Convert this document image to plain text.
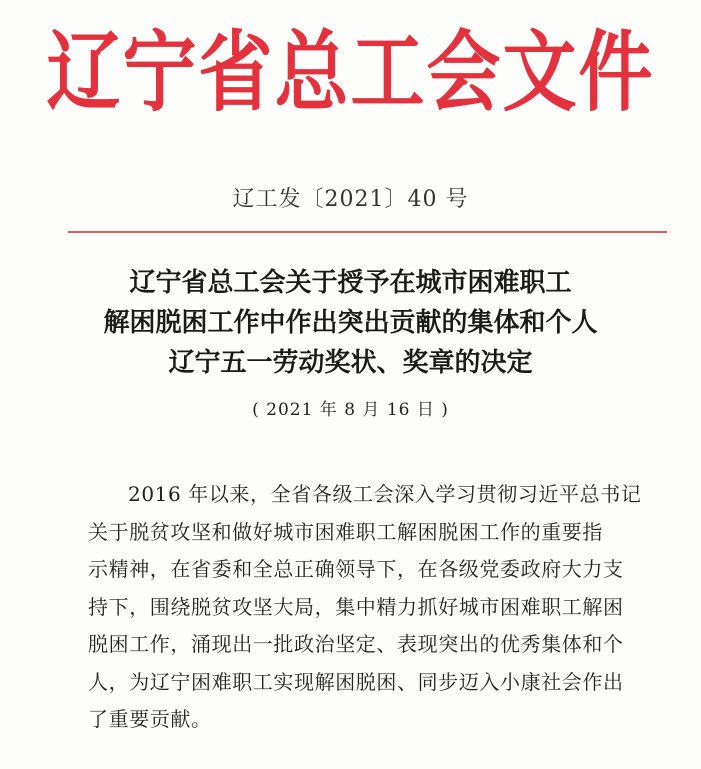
辽宁省总工会文件
辽工发〔2021〕40 号
辽宁省总工会关于授予在城市困难职工
解困脱困工作中作出突出贡献的集体和个人
辽宁五一劳动奖状、奖章的决定
( 2021 年 8 月 16 日 )
2016 年以来，全省各级工会深入学习贯彻习近平总书记
关于脱贫攻坚和做好城市困难职工解困脱困工作的重要指
示精神，在省委和全总正确领导下，在各级党委政府大力支
持下，围绕脱贫攻坚大局，集中精力抓好城市困难职工解困
脱困工作，涌现出一批政治坚定、表现突出的优秀集体和个
人，为辽宁困难职工实现解困脱困、同步迈入小康社会作出
了重要贡献。
